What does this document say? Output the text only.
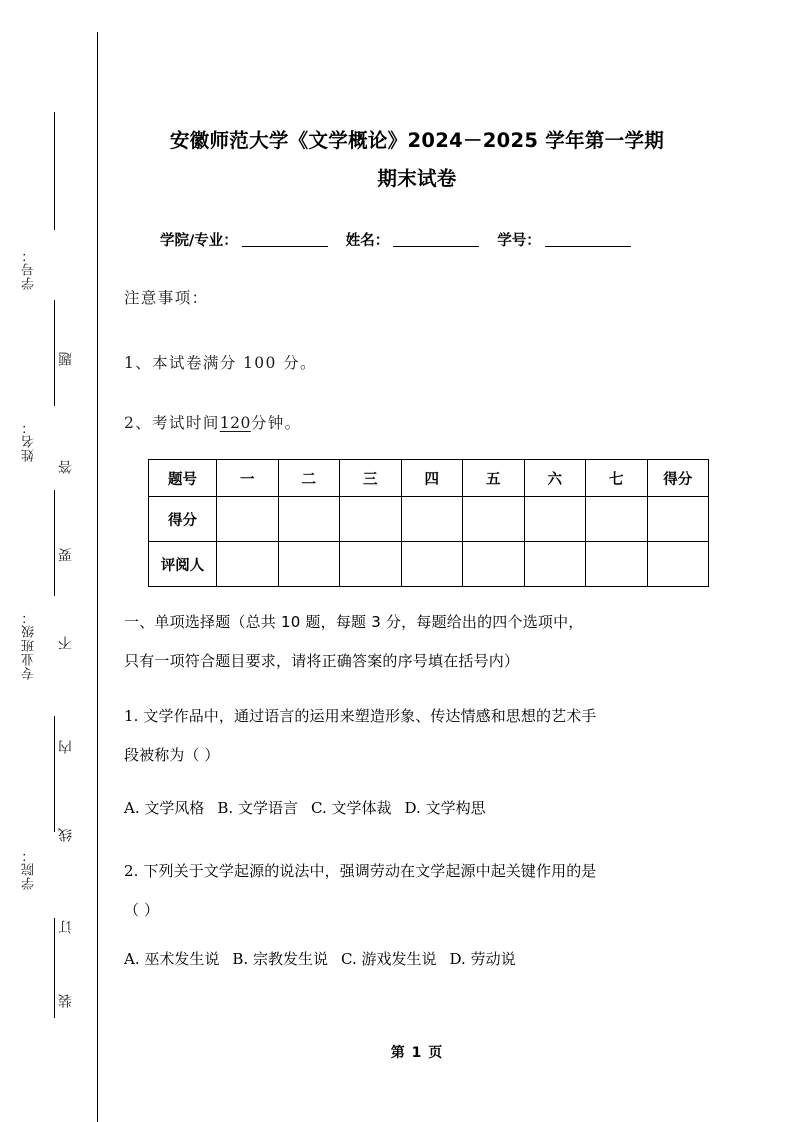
学号：
姓名：
专业班级：
学院：
题
答
要
不
内
线
订
装
安徽师范大学《文学概论》2024－2025 学年第一学期
期末试卷
学院/专业：	姓名：	学号：
注意事项：
1、本试卷满分 100 分。
2、考试时间120分钟。
题号	一	二	三	四	五	六	七	得分
得分								
评阅人								
一、单项选择题（总共 10 题，每题 3 分，每题给出的四个选项中，
只有一项符合题目要求，请将正确答案的序号填在括号内）
1. 文学作品中，通过语言的运用来塑造形象、传达情感和思想的艺术手
段被称为（ ）
A. 文学风格 B. 文学语言 C. 文学体裁 D. 文学构思
2. 下列关于文学起源的说法中，强调劳动在文学起源中起关键作用的是
（ ）
A. 巫术发生说 B. 宗教发生说 C. 游戏发生说 D. 劳动说
第 1 页
